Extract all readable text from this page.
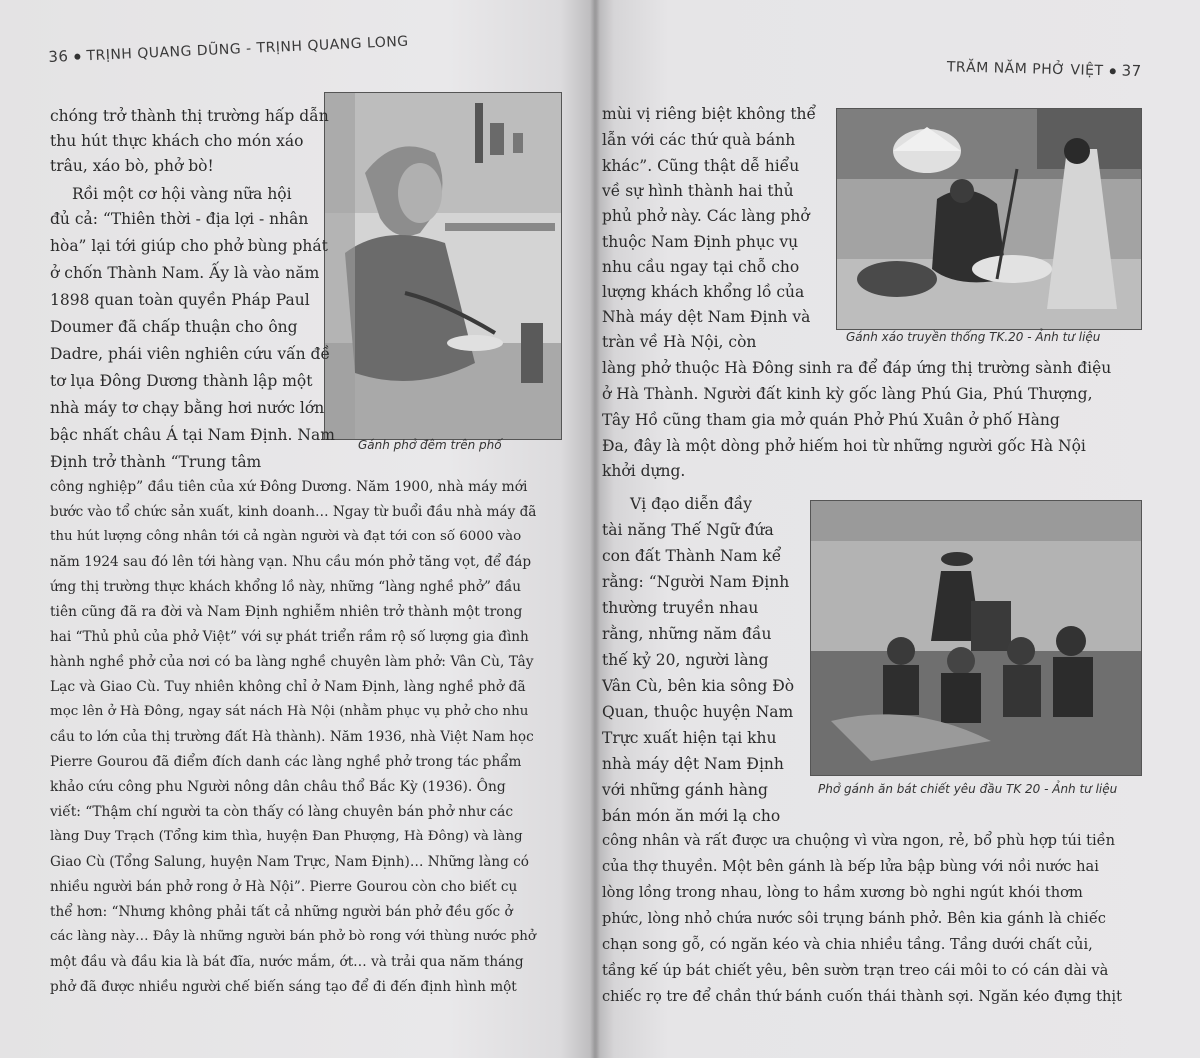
36 TRỊNH QUANG DŨNG - TRỊNH QUANG LONG
Gánh phở đêm trên phố
chóng trở thành thị trường hấp dẫn
thu hút thực khách cho món xáo
trâu, xáo bò, phở bò!
Rồi một cơ hội vàng nữa hội
đủ cả: “Thiên thời - địa lợi - nhân
hòa” lại tới giúp cho phở bùng phát
ở chốn Thành Nam. Ấy là vào năm
1898 quan toàn quyền Pháp Paul
Doumer đã chấp thuận cho ông
Dadre, phái viên nghiên cứu vấn đề
tơ lụa Đông Dương thành lập một
nhà máy tơ chạy bằng hơi nước lớn
bậc nhất châu Á tại Nam Định. Nam
Định trở thành “Trung tâm
công nghiệp” đầu tiên của xứ Đông Dương. Năm 1900, nhà máy mới
bước vào tổ chức sản xuất, kinh doanh… Ngay từ buổi đầu nhà máy đã
thu hút lượng công nhân tới cả ngàn người và đạt tới con số 6000 vào
năm 1924 sau đó lên tới hàng vạn. Nhu cầu món phở tăng vọt, để đáp
ứng thị trường thực khách khổng lồ này, những “làng nghề phở” đầu
tiên cũng đã ra đời và Nam Định nghiễm nhiên trở thành một trong
hai “Thủ phủ của phở Việt” với sự phát triển rầm rộ số lượng gia đình
hành nghề phở của nơi có ba làng nghề chuyên làm phở: Vân Cù, Tây
Lạc và Giao Cù. Tuy nhiên không chỉ ở Nam Định, làng nghề phở đã
mọc lên ở Hà Đông, ngay sát nách Hà Nội (nhằm phục vụ phở cho nhu
cầu to lớn của thị trường đất Hà thành). Năm 1936, nhà Việt Nam học
Pierre Gourou đã điểm đích danh các làng nghề phở trong tác phẩm
khảo cứu công phu Người nông dân châu thổ Bắc Kỳ (1936). Ông
viết: “Thậm chí người ta còn thấy có làng chuyên bán phở như các
làng Duy Trạch (Tổng kim thìa, huyện Đan Phượng, Hà Đông) và làng
Giao Cù (Tổng Salung, huyện Nam Trực, Nam Định)… Những làng có
nhiều người bán phở rong ở Hà Nội”. Pierre Gourou còn cho biết cụ
thể hơn: “Nhưng không phải tất cả những người bán phở đều gốc ở
các làng này… Đây là những người bán phở bò rong với thùng nước phở
một đầu và đầu kia là bát đĩa, nước mắm, ớt… và trải qua năm tháng
phở đã được nhiều người chế biến sáng tạo để đi đến định hình một
TRĂM NĂM PHỞ VIỆT 37
Gánh xáo truyền thống TK.20 - Ảnh tư liệu
Phở gánh ăn bát chiết yêu đầu TK 20 - Ảnh tư liệu
mùi vị riêng biệt không thể
lẫn với các thứ quà bánh
khác”. Cũng thật dễ hiểu
về sự hình thành hai thủ
phủ phở này. Các làng phở
thuộc Nam Định phục vụ
nhu cầu ngay tại chỗ cho
lượng khách khổng lồ của
Nhà máy dệt Nam Định và
tràn về Hà Nội, còn
làng phở thuộc Hà Đông sinh ra để đáp ứng thị trường sành điệu
ở Hà Thành. Người đất kinh kỳ gốc làng Phú Gia, Phú Thượng,
Tây Hồ cũng tham gia mở quán Phở Phú Xuân ở phố Hàng
Đa, đây là một dòng phở hiếm hoi từ những người gốc Hà Nội
khởi dựng.
Vị đạo diễn đầy
tài năng Thế Ngữ đứa
con đất Thành Nam kể
rằng: “Người Nam Định
thường truyền nhau
rằng, những năm đầu
thế kỷ 20, người làng
Vân Cù, bên kia sông Đò
Quan, thuộc huyện Nam
Trực xuất hiện tại khu
nhà máy dệt Nam Định
với những gánh hàng
bán món ăn mới lạ cho
công nhân và rất được ưa chuộng vì vừa ngon, rẻ, bổ phù hợp túi tiền
của thợ thuyền. Một bên gánh là bếp lửa bập bùng với nồi nước hai
lòng lồng trong nhau, lòng to hầm xương bò nghi ngút khói thơm
phức, lòng nhỏ chứa nước sôi trụng bánh phở. Bên kia gánh là chiếc
chạn song gỗ, có ngăn kéo và chia nhiều tầng. Tầng dưới chất củi,
tầng kế úp bát chiết yêu, bên sườn trạn treo cái môi to có cán dài và
chiếc rọ tre để chần thứ bánh cuốn thái thành sợi. Ngăn kéo đựng thịt
